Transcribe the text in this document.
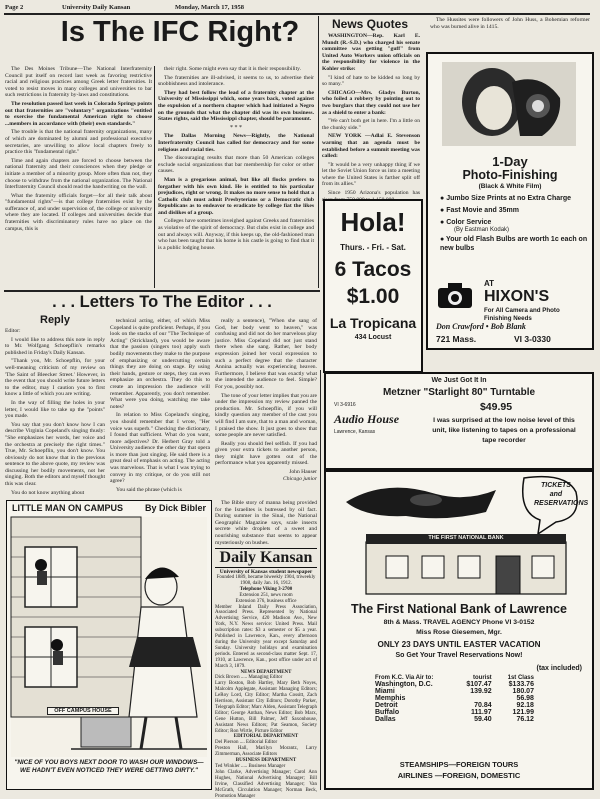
Page 2	University Daily Kansan	Monday, March 17, 1958
Is The IFC Right?

The Des Moines Tribune—The National Interfraternity Council put itself on record last week as favoring restrictive racial and religious practices among Greek letter fraternities. It voted to resist moves in many colleges and universities to bar such restrictions in fraternity by-laws and constitutions.

The resolution passed last week in Colorado Springs points out that fraternities are "voluntary" organizations "entitled to exercise the fundamental American right to choose ...members in accordance with (their) own standards."

The trouble is that the national fraternity organizations, many of which are dominated by alumni and professional executive secretaries, are unwilling to allow local chapters freely to practice this "fundamental right."

Time and again chapters are forced to choose between the national fraternity and their consciences when they pledge or initiate a member of a minority group. More often than not, they choose to withdraw from the national organization. The National Interfraternity Council should read the handwriting on the wall.

What the fraternity officials forget—for all their talk about "fundamental rights"—is that college fraternities exist by the sufferance of, and under supervision of, the college or university where they are located. If colleges and universities decide that fraternities with discriminatory rules have no place on the campus, this is

their right. Some might even say that it is their responsibility.

The fraternities are ill-advised, it seems to us, to advertise their snobbishness and intolerance.

They had best follow the lead of a fraternity chapter at the University of Mississippi which, some years back, voted against the expulsion of a northern chapter which had initiated a Negro on the grounds that what the chapter did was its own business. States rights, said the Mississippi chapter, should be paramount.

* * *

The Dallas Morning News—Rightly, the National Interfraternity Council has called for democracy and for some religious and racial ties.

The discouraging results that more than 50 American colleges exclude social organizations that bar membership for color or other causes.

Man is a gregarious animal, but like all flocks prefers to forgather with his own kind. He is entitled to his particular prejudices, right or wrong. It makes no more sense to hold that a Catholic club must admit Presbyterians or a Democratic club Republicans as to endeavor to eradicate by college fiat the likes and dislikes of a group.

Colleges have sometimes inveighed against Greeks and fraternities as violative of the spirit of democracy. But clubs exist in college and out and always will. Anyway, if this keeps up, the old-fashioned man who has been taught that his home is his castle is going to find that it is a public lodging house.

News Quotes

WASHINGTON—Rep. Karl E. Mundt (R.-S.D.) who charged his senate committee was getting "guff" from United Auto Workers union officials on the responsibility for violence in the Kohler strike:

"I kind of hate to be kidded so long by so many."

CHICAGO—Mrs. Gladys Burton, who foiled a robbery by pointing out to two burglars that they could not use her as a shield to enter a bank:

"We can't both get in here. I'm a little on the chunky side."

NEW YORK —Adlai E. Stevenson warning that an agenda must be established before a summit meeting was called:

"It would be a very unhappy thing if we let the Soviet Union force us into a meeting where the United States is farther split off from its allies."

Since 1950 Arizona's population has

The Hussites were followers of John Huss, a Bohemian reformer who was burned alive in 1415.

Hola!
Thurs. - Fri. - Sat.
6 Tacos
$1.00
La Tropicana
434 Locust
1-Day
Photo-Finishing
(Black & White Film)
● Jumbo Size Prints at no Extra Charge
● Fast Movie and 35mm
● Color Service
(By Eastman Kodak)
● Your old Flash Bulbs are worth 1c each on new bulbs
AT
HIXON'S
For All Camera and Photo Finishing Needs
Don Crawford • Bob Blank
721 Mass.	VI 3-0330
. . . Letters To The Editor . . .
Reply

Editor:

I would like to address this note in reply to Mr. Wolfgang Schoepflin's remarks published in Friday's Daily Kansan.

"Thank you, Mr. Schoepflin, for your well-meaning criticism of my review on 'The Saint of Bleecker Street.' However, in the event that you should write future letters to the editor, may I caution you to first know a little of which you are writing.

In the way of filling the holes in your letter, I would like to take up the "points" you made.

You say that you don't know how I can describe Virginia Copeland's singing thusly: "She emphasizes her words, her voice and the orchestra at precisely the right times." True, Mr. Schoepflin, you don't know. You obviously do not know that in the previous sentence to the above quote, my review was discussing her bodily movements, not her singing. Both the editors and myself thought this was clear.

You do not know anything about

technical acting, either, of which Miss Copeland is quite proficient. Perhaps, if you look on the stacks of our "The Technique of Acting" (Strickland), you would be aware that the passion (singers too) apply such bodily movements they make to the purpose of emphasizing or undercutting certain things they are doing on stage. By using their hands, gesture or steps, they can even emphasize an orchestra. They do this to create an impression the audience will remember. Apparently, you don't remember. What were you doing, watching me take notes?

In relation to Miss Copeland's singing, you should remember that I wrote, "Her voice was superb." Checking the dictionary, I found that sufficient. What do you want, more adjectives? Dr. Herbert Gray told a University audience the other day that opera is more than just singing. He said there is a great deal of emphasis on acting. The acting was marvelous. That is what I was trying to convey in my critique, or do you still not agree?

You said the phrase (which is

really a sentence), "When she sang of God, her body went to heaven," was confusing and did not do her marvelous play justice. Miss Copeland did not just stand there when she sang. Rather, her body expression joined her vocal expression to such a perfect degree that the character Annina actually was experiencing heaven. Furthermore, I believe that was exactly what she intended the audience to feel. Simple? For you, possibly not.

The tone of your letter implies that you are under the impression my review panned the production. Mr. Schoepflin, if you will kindly question any member of the cast you will find I am sure, that to a man and woman, I praised the show. It just goes to show that some people are never satisfied.

Really you should feel selfish. If you had given your extra tickets to another person, they might have gotten out of the performance what you apparently missed.

John Hauser

Chicago junior

The Bible story of manna being provided for the Israelites is butressed by oil fact. During summer in the Sinai, the National Geographic Magazine says, scale insects secrete white droplets of a sweet and nourishing substance that seems to appear mysteriously on bushes.

LITTLE MAN ON CAMPUS By Dick Bibler
OFF CAMPUS HOUSE
"NICE OF YOU BOYS NEXT DOOR TO WASH OUR WINDOWS— WE HADN'T EVEN NOTICED THEY WERE GETTING DIRTY."
Daily Kansan
University of Kansas student newspaper
Founded 1889, became biweekly 1904, triweekly 1908, daily Jan. 16, 1912.
Telephone Viking 3-2700
Extension 251, news room
Extension 376, business office
Member Inland Daily Press Association, Associated Press. Represented by National Advertising Service, 420 Madison Ave., New York, N.Y. News service: United Press. Mail subscription rates: $3 a semester or $5 a year. Published in Lawrence, Kan., every afternoon during the University year except Saturday and Sunday. University holidays and examination periods. Entered as second-class matter Sept. 17, 1910, at Lawrence, Kan., post office under act of March 3, 1879.
NEWS DEPARTMENT
Dick Brown ..... Managing Editor
Larry Boston, Bob Hartley, Mary Beth Noyes, Malcolm Applegate, Assistant Managing Editors; LeRoy Lord, City Editor; Martha Cossitt, Zach Herrison, Assistant City Editors; Dorothy Parker, Telegraph Editor; Marc Alden, Assistant Telegraph Editor; George Anthan, News Editor; Bob Marx, Gene Hutton, Bill Palmer, Jeff Saxonhouse, Assistant News Editors; Pat Seamon, Society Editor; Ron Wirtle, Picture Editor
EDITORIAL DEPARTMENT
Del Pierson .... Editorial Editor
Preston Hall, Marilyn Morantz, Larry Zimmerman, Associate Editors
BUSINESS DEPARTMENT
Ted Winkler ..... Business Manager
John Clarke, Advertising Manager; Carol Ann Hughes, National Advertising Manager; Bill Irvine, Classified Advertising Manager; Van McGrath, Circulation Manager; Norman Beck, Promotion Manager
We Just Got It In
Metzner "Starlight 80" Turntable
$49.95
VI 3-6916
Audio House
Lawrence, Kansas
I was surprised at the low noise level of this unit, like listening to tapes on a professional tape recorder
TICKETS and RESERVATIONS
THE FIRST NATIONAL BANK
The First National Bank of Lawrence
8th & Mass. TRAVEL AGENCY Phone VI 3-0152
Miss Rose Giesemen, Mgr.
ONLY 23 DAYS UNTIL EASTER VACATION
So Get Your Travel Reservations Now!
(tax included)
From K.C. Via Air to:	tourist	1st Class
Washington, D.C.	$107.47	$133.76
Miami	139.92	180.07
Memphis		56.98
Detroit	70.84	92.18
Buffalo	111.97	121.99
Dallas	59.40	76.12
STEAMSHIPS—FOREIGN TOURS
AIRLINES —FOREIGN, DOMESTIC
